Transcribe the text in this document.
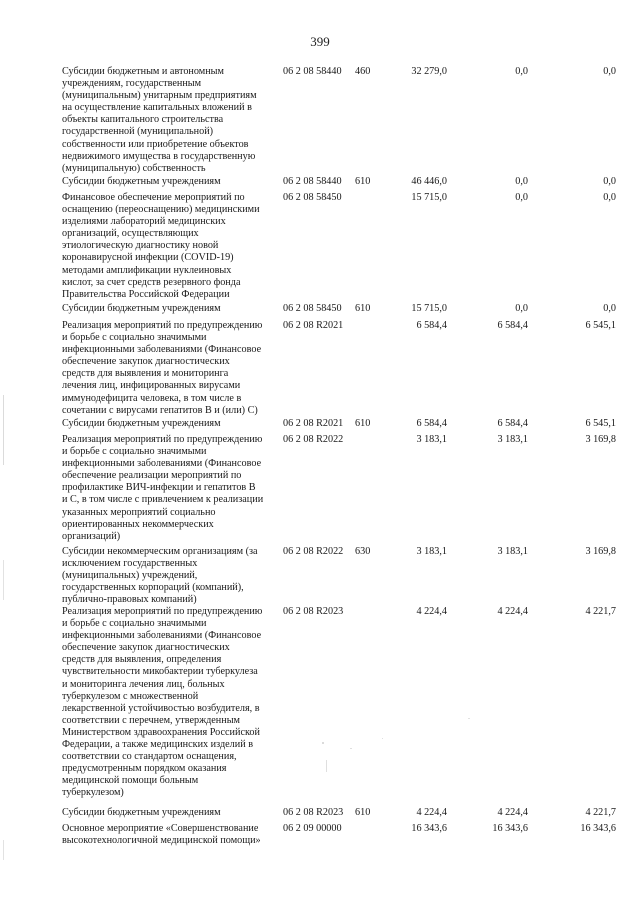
399
Субсидии бюджетным и автономным
учреждениям, государственным
(муниципальным) унитарным предприятиям
на осуществление капитальных вложений в
объекты капитального строительства
государственной (муниципальной)
собственности или приобретение объектов
недвижимого имущества в государственную
(муниципальную) собственность
06 2 08 58440 460	32 279,0	0,0	0,0
Субсидии бюджетным учреждениям	06 2 08 58440 610	46 446,0	0,0	0,0
Финансовое обеспечение мероприятий по
оснащению (переоснащению) медицинскими
изделиями лабораторий медицинских
организаций, осуществляющих
этиологическую диагностику новой
коронавирусной инфекции (COVID-19)
методами амплификации нуклеиновых
кислот, за счет средств резервного фонда
Правительства Российской Федерации
06 2 08 58450	15 715,0	0,0	0,0
Субсидии бюджетным учреждениям	06 2 08 58450 610	15 715,0	0,0	0,0
Реализация мероприятий по предупреждению
и борьбе с социально значимыми
инфекционными заболеваниями (Финансовое
обеспечение закупок диагностических
средств для выявления и мониторинга
лечения лиц, инфицированных вирусами
иммунодефицита человека, в том числе в
сочетании с вирусами гепатитов В и (или) С)
06 2 08 R2021	6 584,4	6 584,4	6 545,1
Субсидии бюджетным учреждениям	06 2 08 R2021 610	6 584,4	6 584,4	6 545,1
Реализация мероприятий по предупреждению
и борьбе с социально значимыми
инфекционными заболеваниями (Финансовое
обеспечение реализации мероприятий по
профилактике ВИЧ-инфекции и гепатитов В
и С, в том числе с привлечением к реализации
указанных мероприятий социально
ориентированных некоммерческих
организаций)
06 2 08 R2022	3 183,1	3 183,1	3 169,8
Субсидии некоммерческим организациям (за
исключением государственных
(муниципальных) учреждений,
государственных корпораций (компаний),
публично-правовых компаний)
06 2 08 R2022 630	3 183,1	3 183,1	3 169,8
Реализация мероприятий по предупреждению
и борьбе с социально значимыми
инфекционными заболеваниями (Финансовое
обеспечение закупок диагностических
средств для выявления, определения
чувствительности микобактерии туберкулеза
и мониторинга лечения лиц, больных
туберкулезом с множественной
лекарственной устойчивостью возбудителя, в
соответствии с перечнем, утвержденным
Министерством здравоохранения Российской
Федерации, а также медицинских изделий в
соответствии со стандартом оснащения,
предусмотренным порядком оказания
медицинской помощи больным
туберкулезом)
06 2 08 R2023	4 224,4	4 224,4	4 221,7
Субсидии бюджетным учреждениям	06 2 08 R2023 610	4 224,4	4 224,4	4 221,7
Основное мероприятие «Совершенствование
высокотехнологичной медицинской помощи»
06 2 09 00000	16 343,6	16 343,6	16 343,6
